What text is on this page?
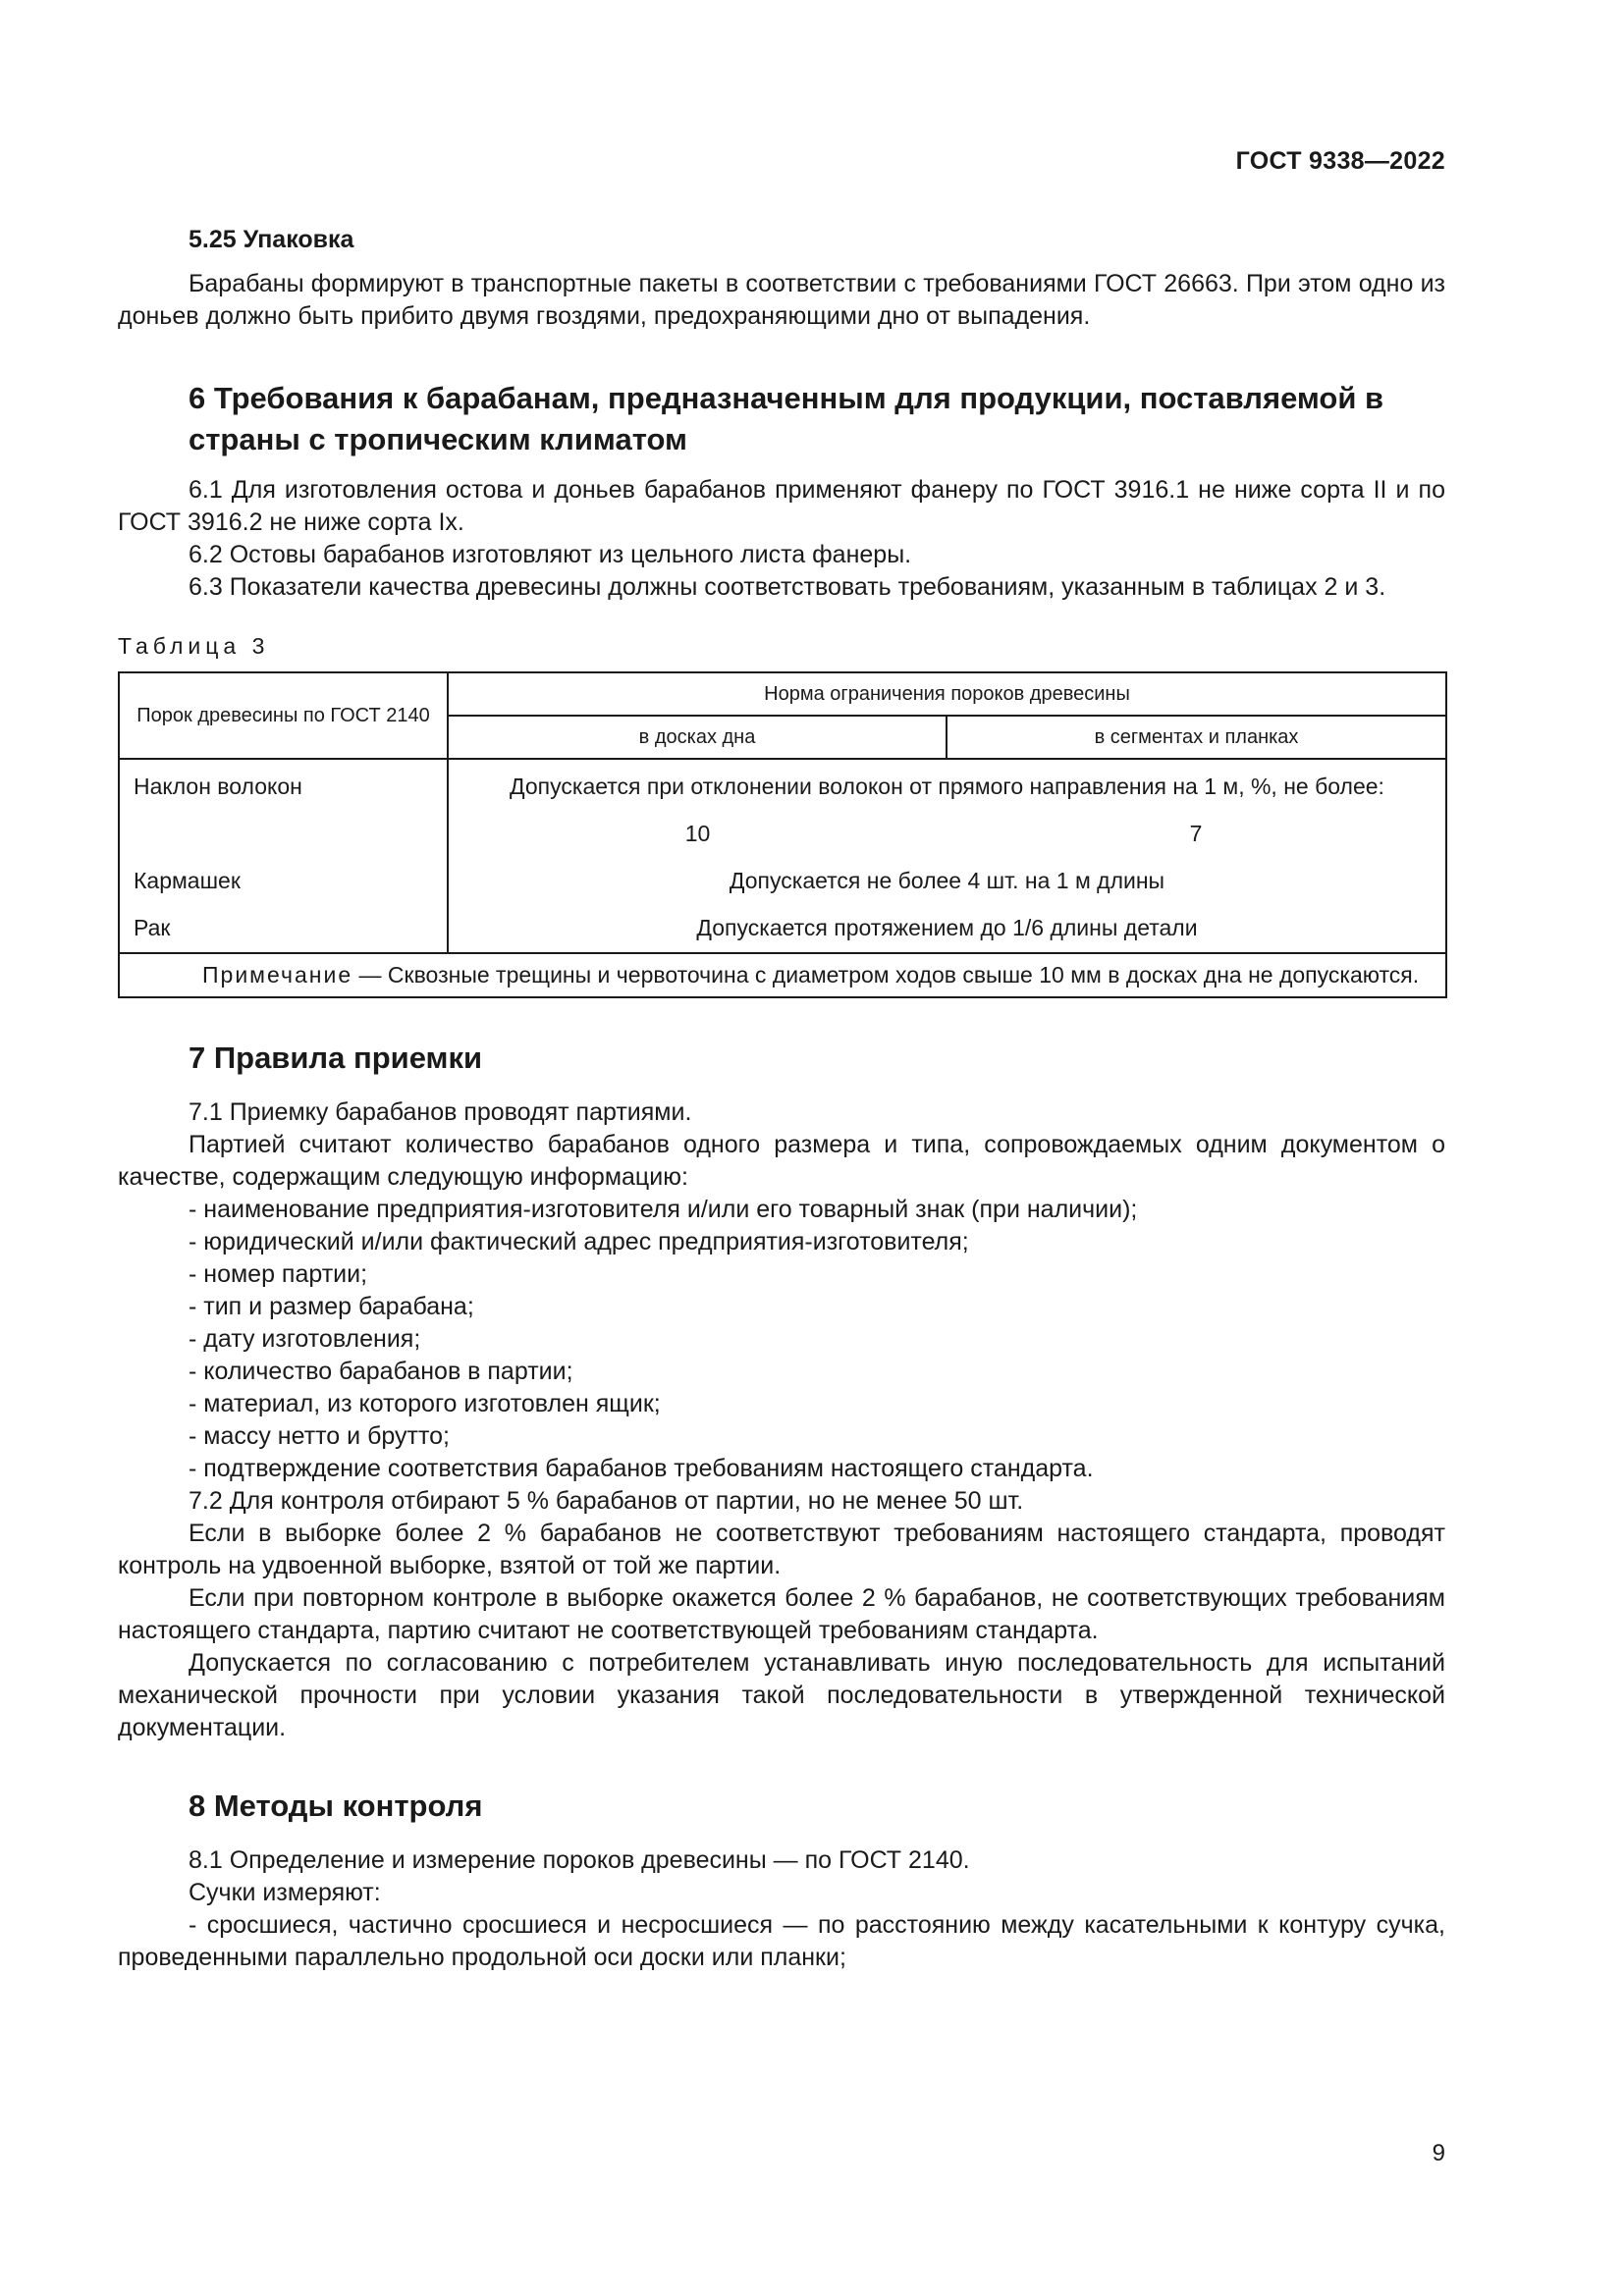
ГОСТ 9338—2022
5.25 Упаковка

Барабаны формируют в транспортные пакеты в соответствии с требованиями ГОСТ 26663. При этом одно из доньев должно быть прибито двумя гвоздями, предохраняющими дно от выпадения.

6 Требования к барабанам, предназначенным для продукции, поставляемой в страны с тропическим климатом

6.1 Для изготовления остова и доньев барабанов применяют фанеру по ГОСТ 3916.1 не ниже сорта II и по ГОСТ 3916.2 не ниже сорта Ix.

6.2 Остовы барабанов изготовляют из цельного листа фанеры.

6.3 Показатели качества древесины должны соответствовать требованиям, указанным в таблицах 2 и 3.

Таблица 3
Порок древесины по ГОСТ 2140	Норма ограничения пороков древесины	
	в досках дна	в сегментах и планках
Наклон волокон	Допускается при отклонении волокон от прямого направления на 1 м, %, не более:	
	10	7
Кармашек	Допускается не более 4 шт. на 1 м длины	
Рак	Допускается протяжением до 1/6 длины детали	
Примечание — Сквозные трещины и червоточина с диаметром ходов свыше 10 мм в досках дна не допускаются.		
7 Правила приемки

7.1 Приемку барабанов проводят партиями.

Партией считают количество барабанов одного размера и типа, сопровождаемых одним документом о качестве, содержащим следующую информацию:

- наименование предприятия-изготовителя и/или его товарный знак (при наличии);

- юридический и/или фактический адрес предприятия-изготовителя;

- номер партии;

- тип и размер барабана;

- дату изготовления;

- количество барабанов в партии;

- материал, из которого изготовлен ящик;

- массу нетто и брутто;

- подтверждение соответствия барабанов требованиям настоящего стандарта.

7.2 Для контроля отбирают 5 % барабанов от партии, но не менее 50 шт.

Если в выборке более 2 % барабанов не соответствуют требованиям настоящего стандарта, проводят контроль на удвоенной выборке, взятой от той же партии.

Если при повторном контроле в выборке окажется более 2 % барабанов, не соответствующих требованиям настоящего стандарта, партию считают не соответствующей требованиям стандарта.

Допускается по согласованию с потребителем устанавливать иную последовательность для испытаний механической прочности при условии указания такой последовательности в утвержденной технической документации.

8 Методы контроля

8.1 Определение и измерение пороков древесины — по ГОСТ 2140.

Сучки измеряют:

- сросшиеся, частично сросшиеся и несросшиеся — по расстоянию между касательными к контуру сучка, проведенными параллельно продольной оси доски или планки;

9
